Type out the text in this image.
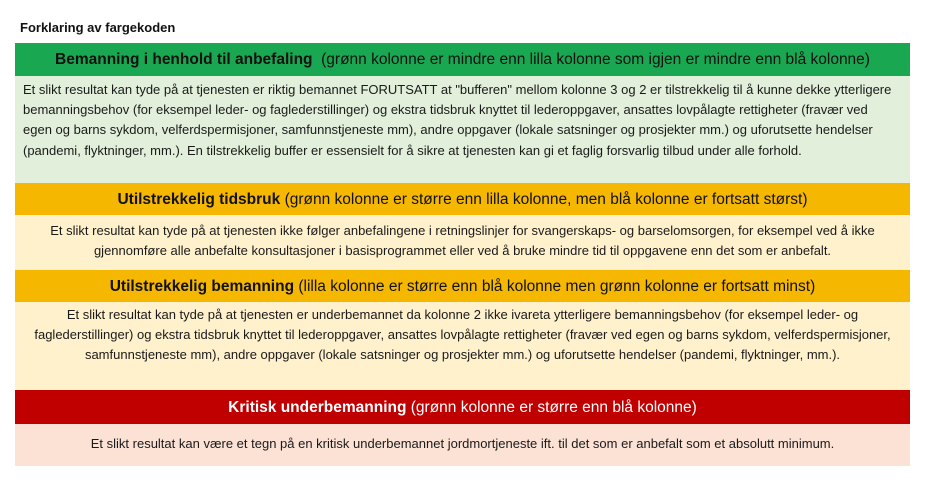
Forklaring av fargekoden
Bemanning i henhold til anbefaling  (grønn kolonne er mindre enn lilla kolonne som igjen er mindre enn blå kolonne)
Et slikt resultat kan tyde på at tjenesten er riktig bemannet FORUTSATT at "bufferen" mellom kolonne 3 og 2 er tilstrekkelig til å kunne dekke ytterligere bemanningsbehov (for eksempel leder- og faglederstillinger) og ekstra tidsbruk knyttet til lederoppgaver, ansattes lovpålagte rettigheter (fravær ved egen og barns sykdom, velferdspermisjoner, samfunnstjeneste mm), andre oppgaver (lokale satsninger og prosjekter mm.) og uforutsette hendelser (pandemi, flyktninger, mm.). En tilstrekkelig buffer er essensielt for å sikre at tjenesten kan gi et faglig forsvarlig tilbud under alle forhold.
Utilstrekkelig tidsbruk (grønn kolonne er større enn lilla kolonne, men blå kolonne er fortsatt størst)
Et slikt resultat kan tyde på at tjenesten ikke følger anbefalingene i retningslinjer for svangerskaps- og barselomsorgen, for eksempel ved å ikke gjennomføre alle anbefalte konsultasjoner i basisprogrammet eller ved å bruke mindre tid til oppgavene enn det som er anbefalt.
Utilstrekkelig bemanning (lilla kolonne er større enn blå kolonne men grønn kolonne er fortsatt minst)
Et slikt resultat kan tyde på at tjenesten er underbemannet da kolonne 2 ikke ivareta ytterligere bemanningsbehov (for eksempel leder- og faglederstillinger) og ekstra tidsbruk knyttet til lederoppgaver, ansattes lovpålagte rettigheter (fravær ved egen og barns sykdom, velferdspermisjoner, samfunnstjeneste mm), andre oppgaver (lokale satsninger og prosjekter mm.) og uforutsette hendelser (pandemi, flyktninger, mm.).
Kritisk underbemanning (grønn kolonne er større enn blå kolonne)
Et slikt resultat kan være et tegn på en kritisk underbemannet jordmortjeneste ift. til det som er anbefalt som et absolutt minimum.
